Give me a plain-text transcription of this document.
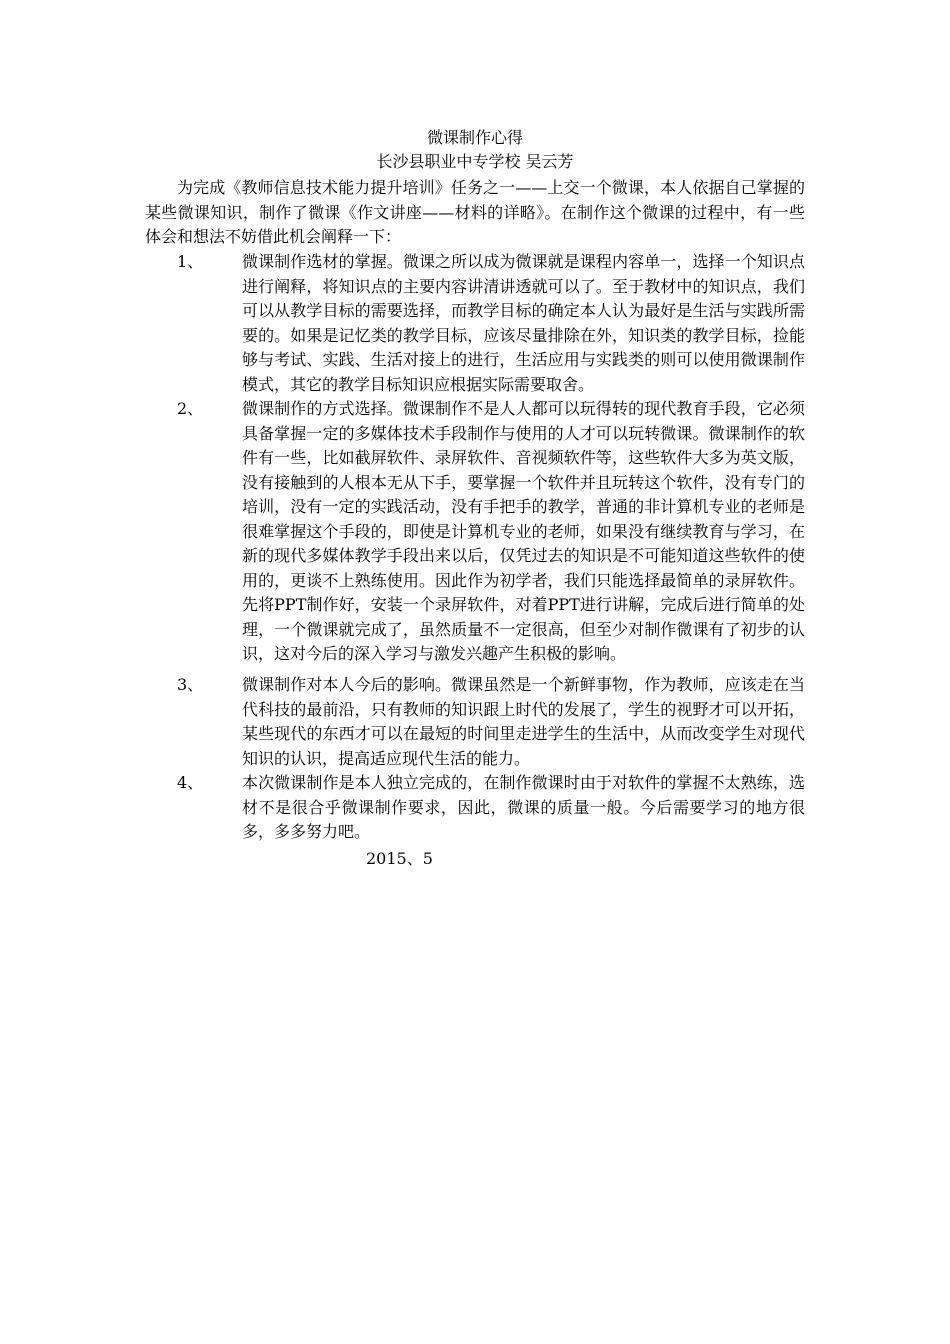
微课制作心得
长沙县职业中专学校 吴云芳

为完成《教师信息技术能力提升培训》任务之一——上交一个微课，本人依据自己掌握的某些微课知识，制作了微课《作文讲座——材料的详略》。在制作这个微课的过程中，有一些体会和想法不妨借此机会阐释一下：

1、 微课制作选材的掌握。微课之所以成为微课就是课程内容单一，选择一个知识点进行阐释，将知识点的主要内容讲清讲透就可以了。至于教材中的知识点，我们可以从教学目标的需要选择，而教学目标的确定本人认为最好是生活与实践所需要的。如果是记忆类的教学目标，应该尽量排除在外，知识类的教学目标，捡能够与考试、实践、生活对接上的进行，生活应用与实践类的则可以使用微课制作模式，其它的教学目标知识应根据实际需要取舍。

2、 微课制作的方式选择。微课制作不是人人都可以玩得转的现代教育手段，它必须具备掌握一定的多媒体技术手段制作与使用的人才可以玩转微课。微课制作的软件有一些，比如截屏软件、录屏软件、音视频软件等，这些软件大多为英文版，没有接触到的人根本无从下手，要掌握一个软件并且玩转这个软件，没有专门的培训，没有一定的实践活动，没有手把手的教学，普通的非计算机专业的老师是很难掌握这个手段的，即使是计算机专业的老师，如果没有继续教育与学习，在新的现代多媒体教学手段出来以后，仅凭过去的知识是不可能知道这些软件的使用的，更谈不上熟练使用。因此作为初学者，我们只能选择最简单的录屏软件。先将PPT制作好，安装一个录屏软件，对着PPT进行讲解，完成后进行简单的处理，一个微课就完成了，虽然质量不一定很高，但至少对制作微课有了初步的认识，这对今后的深入学习与激发兴趣产生积极的影响。

3、 微课制作对本人今后的影响。微课虽然是一个新鲜事物，作为教师，应该走在当代科技的最前沿，只有教师的知识跟上时代的发展了，学生的视野才可以开拓，某些现代的东西才可以在最短的时间里走进学生的生活中，从而改变学生对现代知识的认识，提高适应现代生活的能力。

4、 本次微课制作是本人独立完成的，在制作微课时由于对软件的掌握不太熟练，选材不是很合乎微课制作要求，因此，微课的质量一般。今后需要学习的地方很多，多多努力吧。

2015、5
